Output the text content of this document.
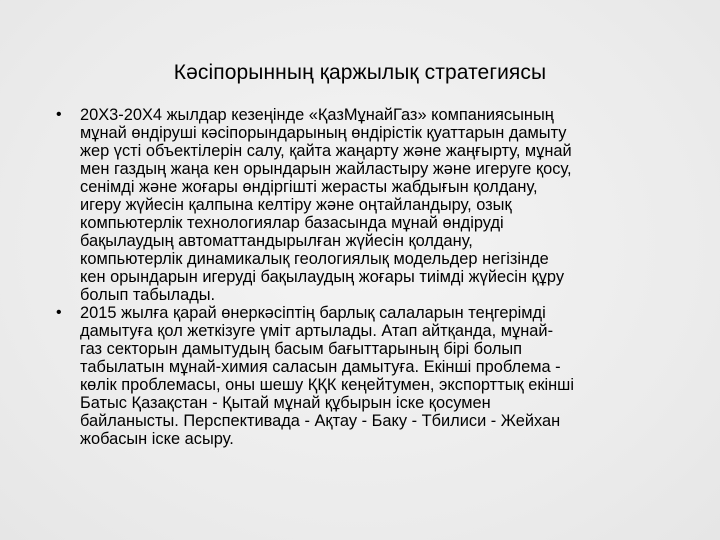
Кәсіпорынның қаржылық стратегиясы
• 20Х3-20Х4 жылдар кезеңінде «ҚазМұнайГаз» компаниясының
мұнай өндіруші кәсіпорындарының өндірістік қуаттарын дамыту
жер үсті объектілерін салу, қайта жаңарту және жаңғырту, мұнай
мен газдың жаңа кен орындарын жайластыру және игеруге қосу,
сенімді және жоғары өндіргішті жерасты жабдығын қолдану,
игеру жүйесін қалпына келтіру және оңтайландыру, озық
компьютерлік технологиялар базасында мұнай өндіруді
бақылаудың автоматтандырылған жүйесін қолдану,
компьютерлік динамикалық геологиялық модельдер негізінде
кен орындарын игеруді бақылаудың жоғары тиімді жүйесін құру
болып табылады.
• 2015 жылға қарай өнеркәсіптің барлық салаларын теңгерімді
дамытуға қол жеткізуге үміт артылады. Атап айтқанда, мұнай-
газ секторын дамытудың басым бағыттарының бірі болып
табылатын мұнай-химия саласын дамытуға. Екінші проблема -
көлік проблемасы, оны шешу ҚҚК кеңейтумен, экспорттық екінші
Батыс Қазақстан - Қытай мұнай құбырын іске қосумен
байланысты. Перспективада - Ақтау - Баку - Тбилиси - Жейхан
жобасын іске асыру.
